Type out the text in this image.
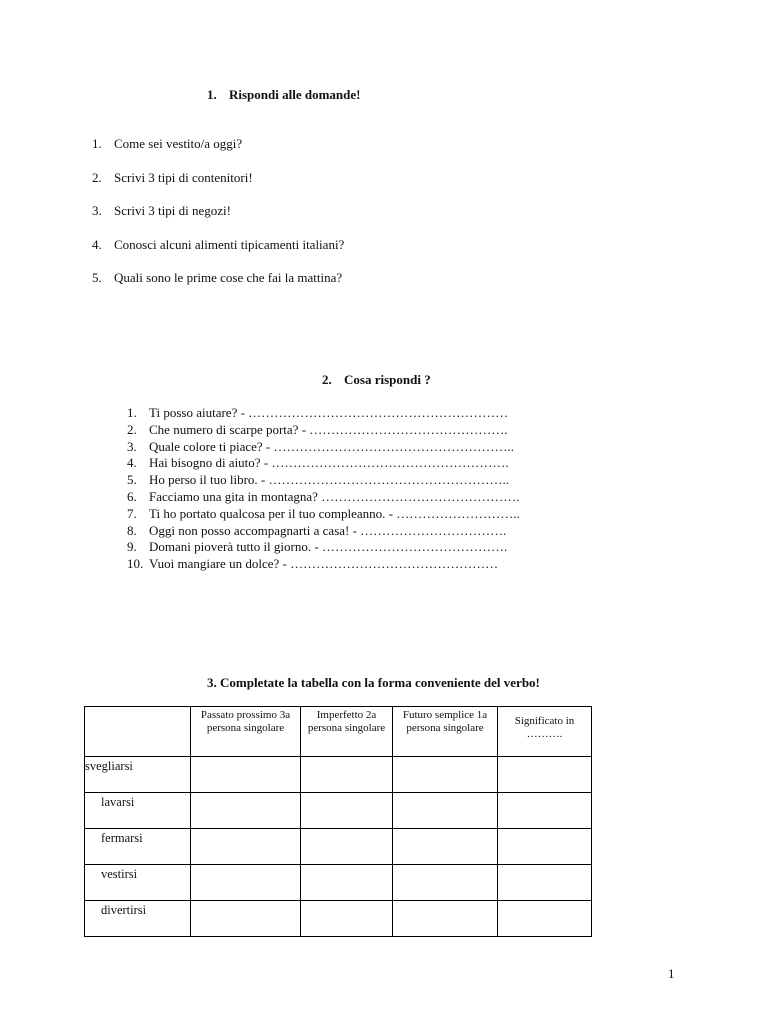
1. Rispondi alle domande!
1. Come sei vestito/a oggi?
2. Scrivi 3 tipi di contenitori!
3. Scrivi 3 tipi di negozi!
4. Conosci alcuni alimenti tipicamenti italiani?
5. Quali sono le prime cose che fai la mattina?
2. Cosa rispondi ?
1. Ti posso aiutare? - ……………………………………………………
2. Che numero di scarpe porta? - ……………………………………….
3. Quale colore ti piace? - ………………………………………………..
4. Hai bisogno di aiuto? - ……………………………………………….
5. Ho perso il tuo libro. - ………………………………………………..
6. Facciamo una gita in montagna? ……………………………………….
7. Ti ho portato qualcosa per il tuo compleanno. - ………………………..
8. Oggi non posso accompagnarti a casa! - …………………………….
9. Domani pioverà tutto il giorno. - …………………………………….
10. Vuoi mangiare un dolce? - …………………………………………
3. Completate la tabella con la forma conveniente del verbo!
	Passato prossimo 3a persona singolare	Imperfetto 2a persona singolare	Futuro semplice 1a persona singolare	Significato in ……….
svegliarsi				
lavarsi				
fermarsi				
vestirsi				
divertirsi				
1
